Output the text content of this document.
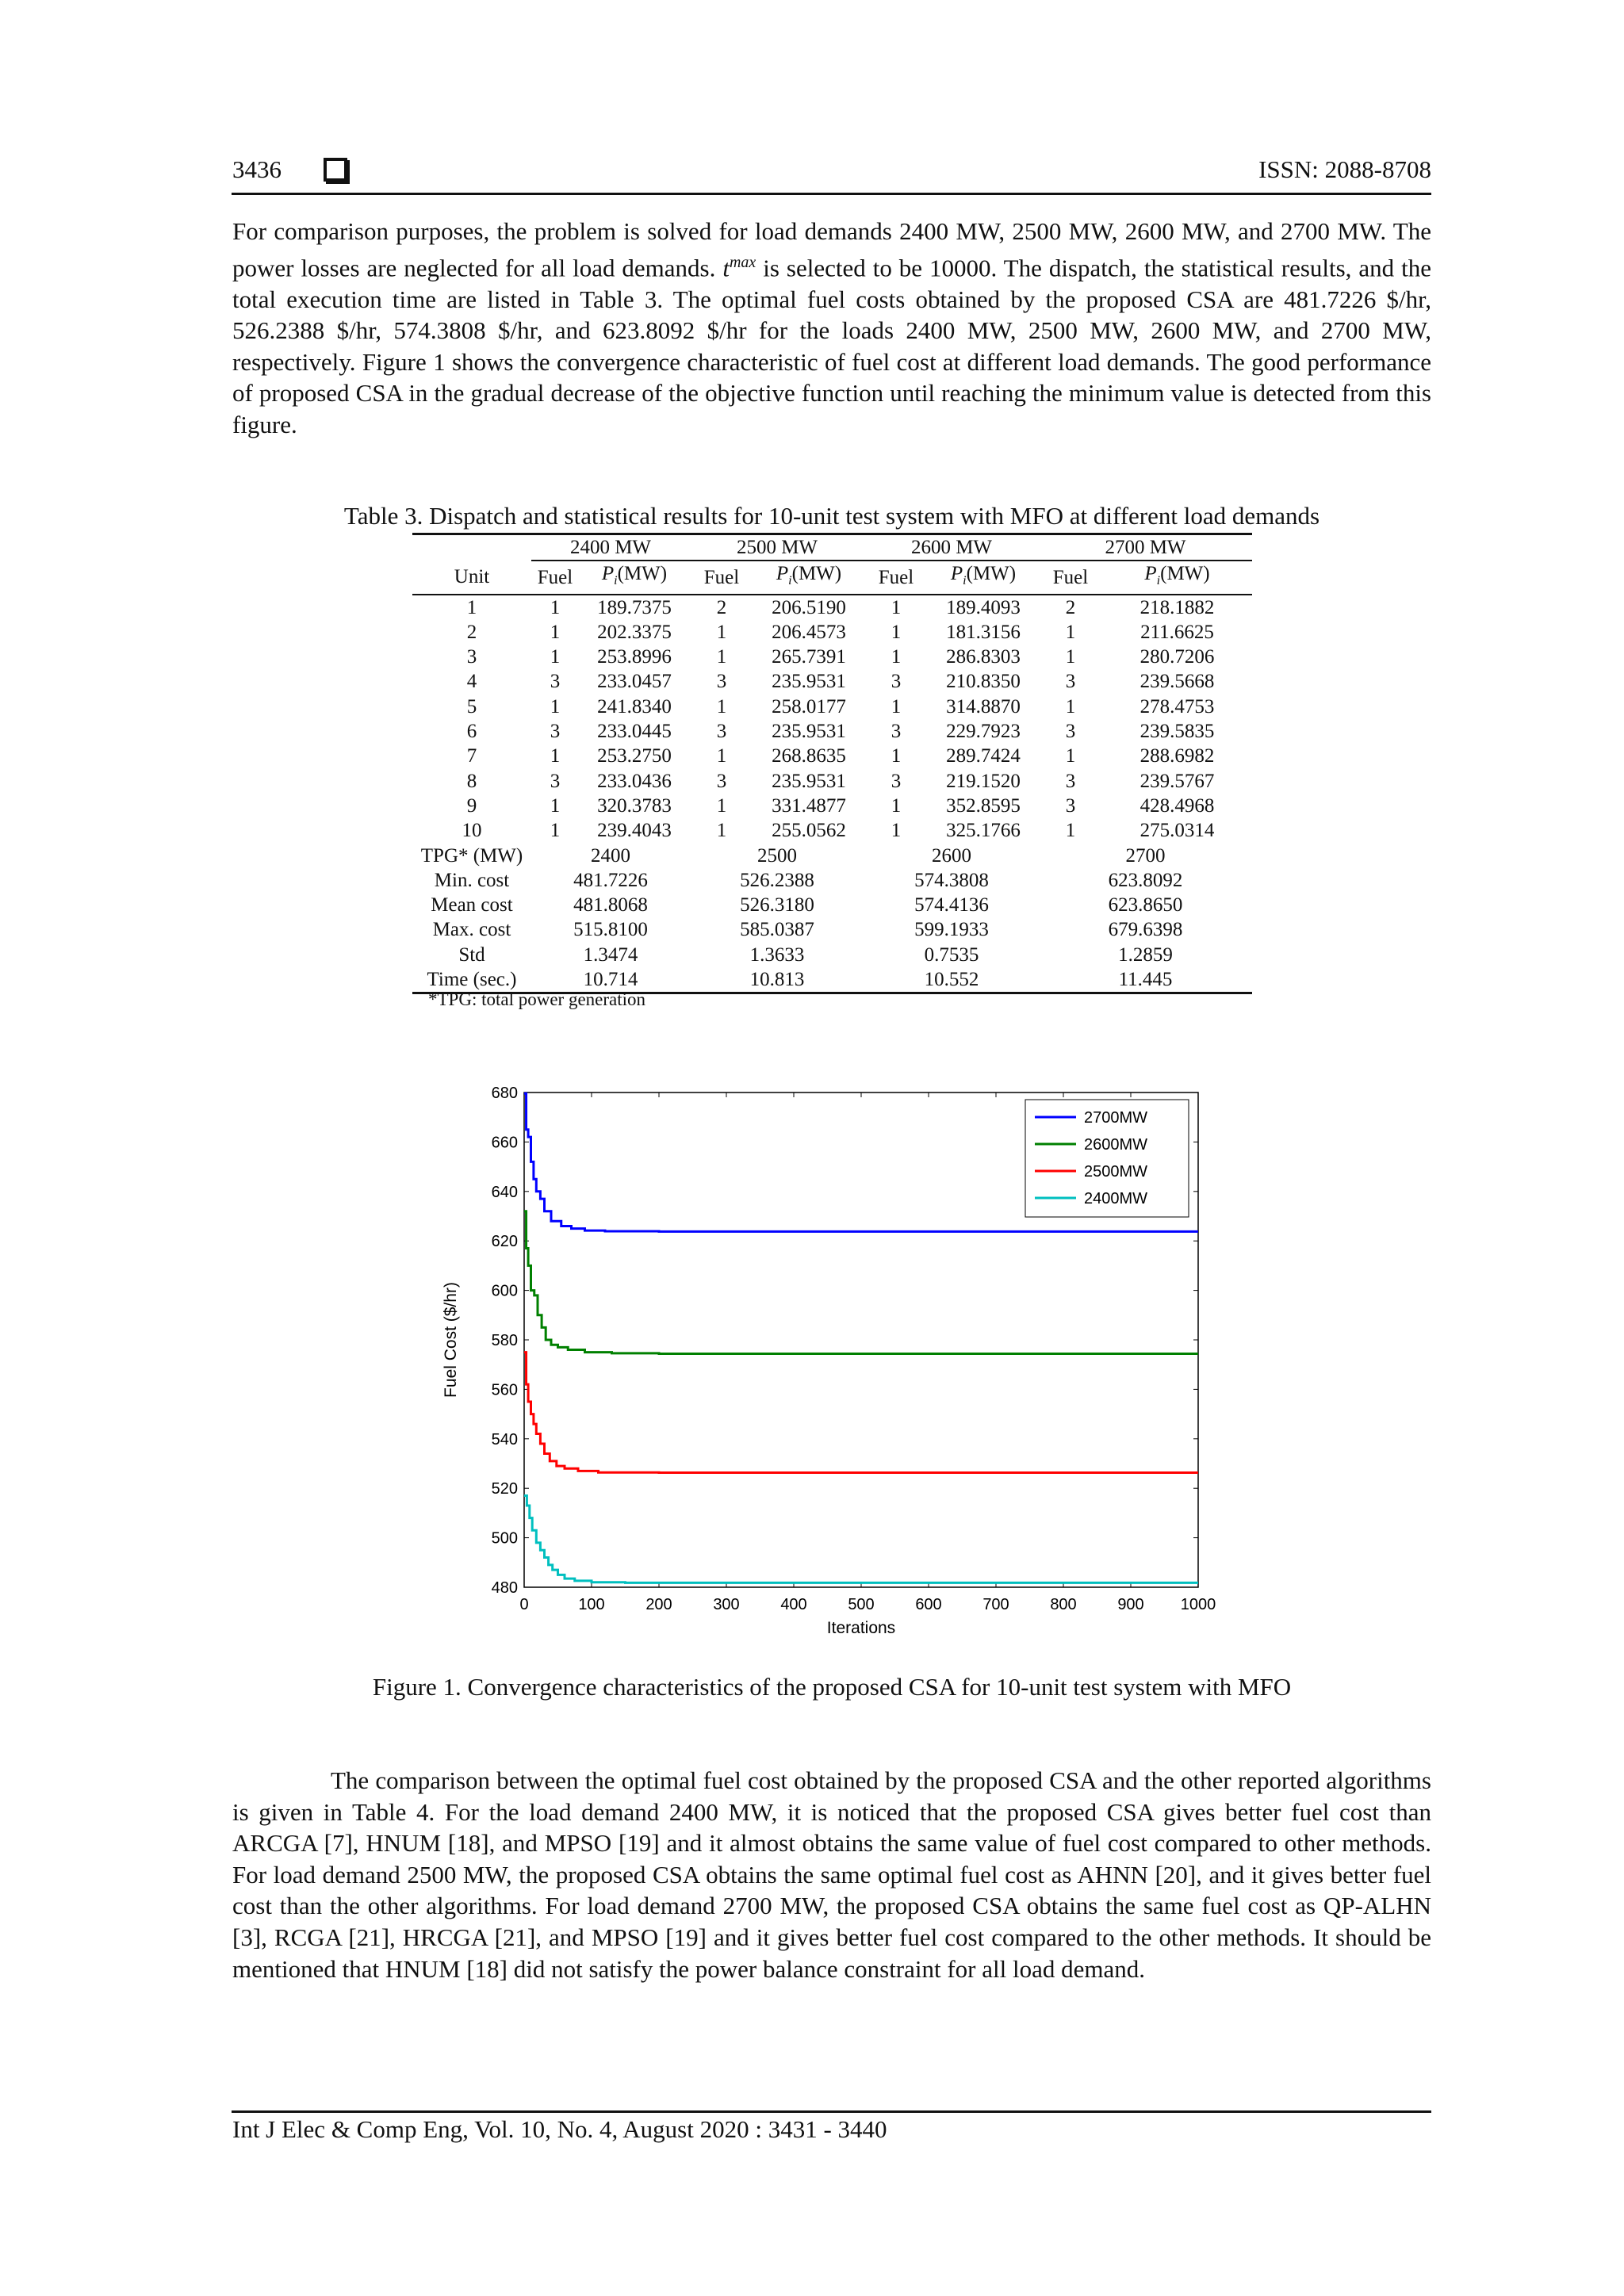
3436	ISSN: 2088-8708

For comparison purposes, the problem is solved for load demands 2400 MW, 2500 MW, 2600 MW, and 2700 MW. The power losses are neglected for all load demands. $t^{max}$ is selected to be 10000. The dispatch, the statistical results, and the total execution time are listed in Table 3. The optimal fuel costs obtained by the proposed CSA are 481.7226 $/hr, 526.2388 $/hr, 574.3808 $/hr, and 623.8092 $/hr for the loads 2400 MW, 2500 MW, 2600 MW, and 2700 MW, respectively. Figure 1 shows the convergence characteristic of fuel cost at different load demands. The good performance of proposed CSA in the gradual decrease of the objective function until reaching the minimum value is detected from this figure.

Table 3. Dispatch and statistical results for 10-unit test system with MFO at different load demands
	2400 MW		2500 MW		2600 MW		2700 MW	
Unit	Fuel	$P_i(MW)$	Fuel	$P_i(MW)$	Fuel	$P_i(MW)$	Fuel	$P_i(MW)$
1	1	189.7375	2	206.5190	1	189.4093	2	218.1882
2	1	202.3375	1	206.4573	1	181.3156	1	211.6625
3	1	253.8996	1	265.7391	1	286.8303	1	280.7206
4	3	233.0457	3	235.9531	3	210.8350	3	239.5668
5	1	241.8340	1	258.0177	1	314.8870	1	278.4753
6	3	233.0445	3	235.9531	3	229.7923	3	239.5835
7	1	253.2750	1	268.8635	1	289.7424	1	288.6982
8	3	233.0436	3	235.9531	3	219.1520	3	239.5767
9	1	320.3783	1	331.4877	1	352.8595	3	428.4968
10	1	239.4043	1	255.0562	1	325.1766	1	275.0314
TPG* (MW)	2400		2500		2600		2700	
Min. cost	481.7226		526.2388		574.3808		623.8092	
Mean cost	481.8068		526.3180		574.4136		623.8650	
Max. cost	515.8100		585.0387		599.1933		679.6398	
Std	1.3474		1.3633		0.7535		1.2859	
Time (sec.)	10.714		10.813		10.552		11.445	
*TPG: total power generation
0	100	200	300	400	500	600	700	800	900 1000
480
500
520
540
560
580
600
620
640
660
680
Iterations
Fuel Cost ($/hr)
2700MW
2600MW
2500MW
2400MW
Figure 1. Convergence characteristics of the proposed CSA for 10-unit test system with MFO

The comparison between the optimal fuel cost obtained by the proposed CSA and the other reported algorithms is given in Table 4. For the load demand 2400 MW, it is noticed that the proposed CSA gives better fuel cost than ARCGA [7], HNUM [18], and MPSO [19] and it almost obtains the same value of fuel cost compared to other methods. For load demand 2500 MW, the proposed CSA obtains the same optimal fuel cost as AHNN [20], and it gives better fuel cost than the other algorithms. For load demand 2700 MW, the proposed CSA obtains the same fuel cost as QP-ALHN [3], RCGA [21], HRCGA [21], and MPSO [19] and it gives better fuel cost compared to the other methods. It should be mentioned that HNUM [18] did not satisfy the power balance constraint for all load demand.

Int J Elec & Comp Eng, Vol. 10, No. 4, August 2020 : 3431 - 3440
